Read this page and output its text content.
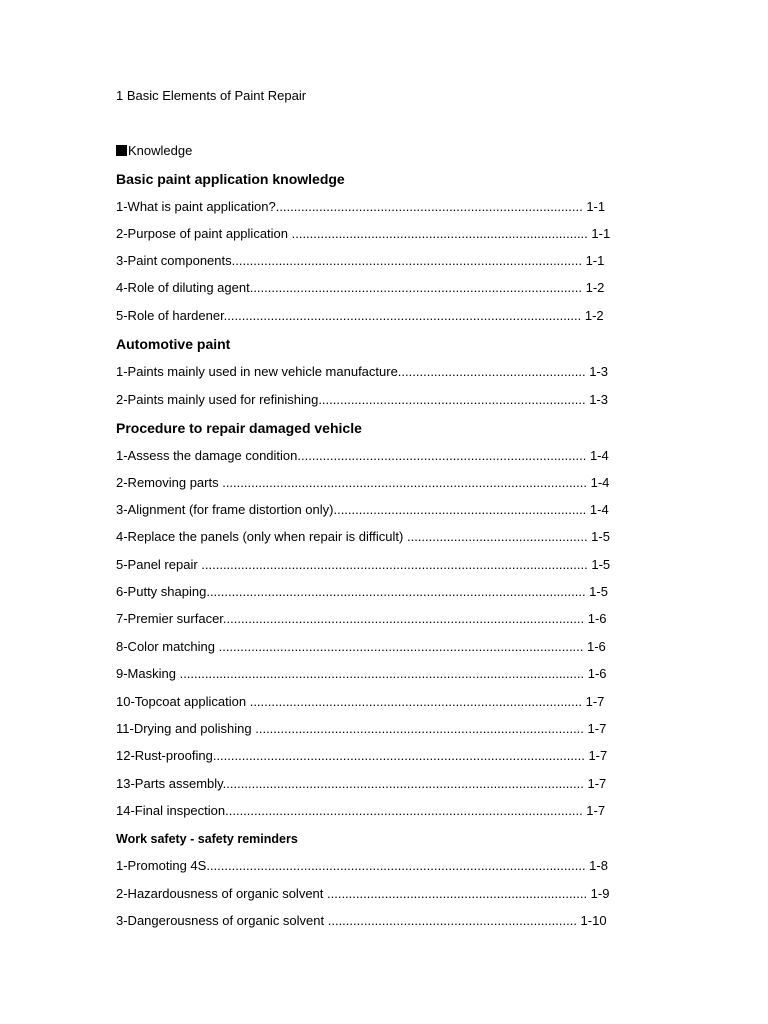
1 Basic Elements of Paint Repair
Knowledge
Basic paint application knowledge
1-What is paint application?..................................................................................... 1-1
2-Purpose of paint application .................................................................................. 1-1
3-Paint components................................................................................................. 1-1
4-Role of diluting agent............................................................................................ 1-2
5-Role of hardener................................................................................................... 1-2
Automotive paint
1-Paints mainly used in new vehicle manufacture.................................................... 1-3
2-Paints mainly used for refinishing.......................................................................... 1-3
Procedure to repair damaged vehicle
1-Assess the damage condition................................................................................ 1-4
2-Removing parts ..................................................................................................... 1-4
3-Alignment (for frame distortion only)...................................................................... 1-4
4-Replace the panels (only when repair is difficult) .................................................. 1-5
5-Panel repair ........................................................................................................... 1-5
6-Putty shaping......................................................................................................... 1-5
7-Premier surfacer.................................................................................................... 1-6
8-Color matching ..................................................................................................... 1-6
9-Masking ................................................................................................................ 1-6
10-Topcoat application ............................................................................................ 1-7
11-Drying and polishing ........................................................................................... 1-7
12-Rust-proofing....................................................................................................... 1-7
13-Parts assembly.................................................................................................... 1-7
14-Final inspection................................................................................................... 1-7
Work safety - safety reminders
1-Promoting 4S......................................................................................................... 1-8
2-Hazardousness of organic solvent ........................................................................ 1-9
3-Dangerousness of organic solvent ..................................................................... 1-10
